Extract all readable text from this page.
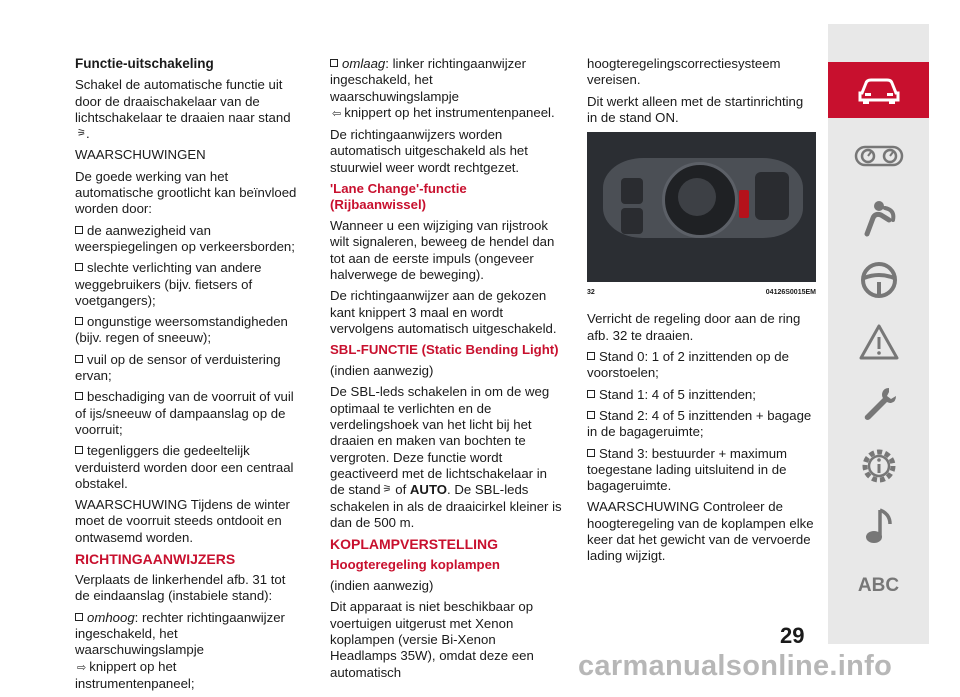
Functie-uitschakeling

Schakel de automatische functie uit door de draaischakelaar van de lichtschakelaar te draaien naar stand⚞.

WAARSCHUWINGEN

De goede werking van het automatische grootlicht kan beïnvloed worden door:

de aanwezigheid van weerspiegelingen op verkeersborden;

slechte verlichting van andere weggebruikers (bijv. fietsers of voetgangers);

ongunstige weersomstandigheden (bijv. regen of sneeuw);

vuil op de sensor of verduistering ervan;

beschadiging van de voorruit of vuil of ijs/sneeuw of dampaanslag op de voorruit;

tegenliggers die gedeeltelijk verduisterd worden door een centraal obstakel.

WAARSCHUWING Tijdens de winter moet de voorruit steeds ontdooit en ontwasemd worden.

RICHTINGAANWIJZERS

Verplaats de linkerhendel afb. 31 tot de eindaanslag (instabiele stand):

omhoog: rechter richtingaanwijzer ingeschakeld, het waarschuwingslampje
⇨ knippert op het instrumentenpaneel;

omlaag: linker richtingaanwijzer ingeschakeld, het waarschuwingslampje
⇦ knippert op het instrumentenpaneel.

De richtingaanwijzers worden automatisch uitgeschakeld als het stuurwiel weer wordt rechtgezet.

'Lane Change'-functie (Rijbaanwissel)

Wanneer u een wijziging van rijstrook wilt signaleren, beweeg de hendel dan tot aan de eerste impuls (ongeveer halverwege de beweging).

De richtingaanwijzer aan de gekozen kant knippert 3 maal en wordt vervolgens automatisch uitgeschakeld.

SBL-FUNCTIE (Static Bending Light)

(indien aanwezig)

De SBL-leds schakelen in om de weg optimaal te verlichten en de verdelingshoek van het licht bij het draaien en maken van bochten te vergroten. Deze functie wordt geactiveerd met de lichtschakelaar in de stand ⚞ of AUTO. De SBL-leds schakelen in als de draaicirkel kleiner is dan de 500 m.

KOPLAMPVERSTELLING

Hoogteregeling koplampen

(indien aanwezig)

Dit apparaat is niet beschikbaar op voertuigen uitgerust met Xenon koplampen (versie Bi-Xenon Headlamps 35W), omdat deze een automatisch

hoogteregelingscorrectiesysteem vereisen.

Dit werkt alleen met de startinrichting in de stand ON.

32	04126S0015EM

Verricht de regeling door aan de ring afb. 32 te draaien.

Stand 0: 1 of 2 inzittenden op de voorstoelen;

Stand 1: 4 of 5 inzittenden;

Stand 2: 4 of 5 inzittenden + bagage in de bagageruimte;

Stand 3: bestuurder + maximum toegestane lading uitsluitend in de bagageruimte.

WAARSCHUWING Controleer de hoogteregeling van de koplampen elke keer dat het gewicht van de vervoerde lading wijzigt.

ABC
29
carmanualsonline.info
